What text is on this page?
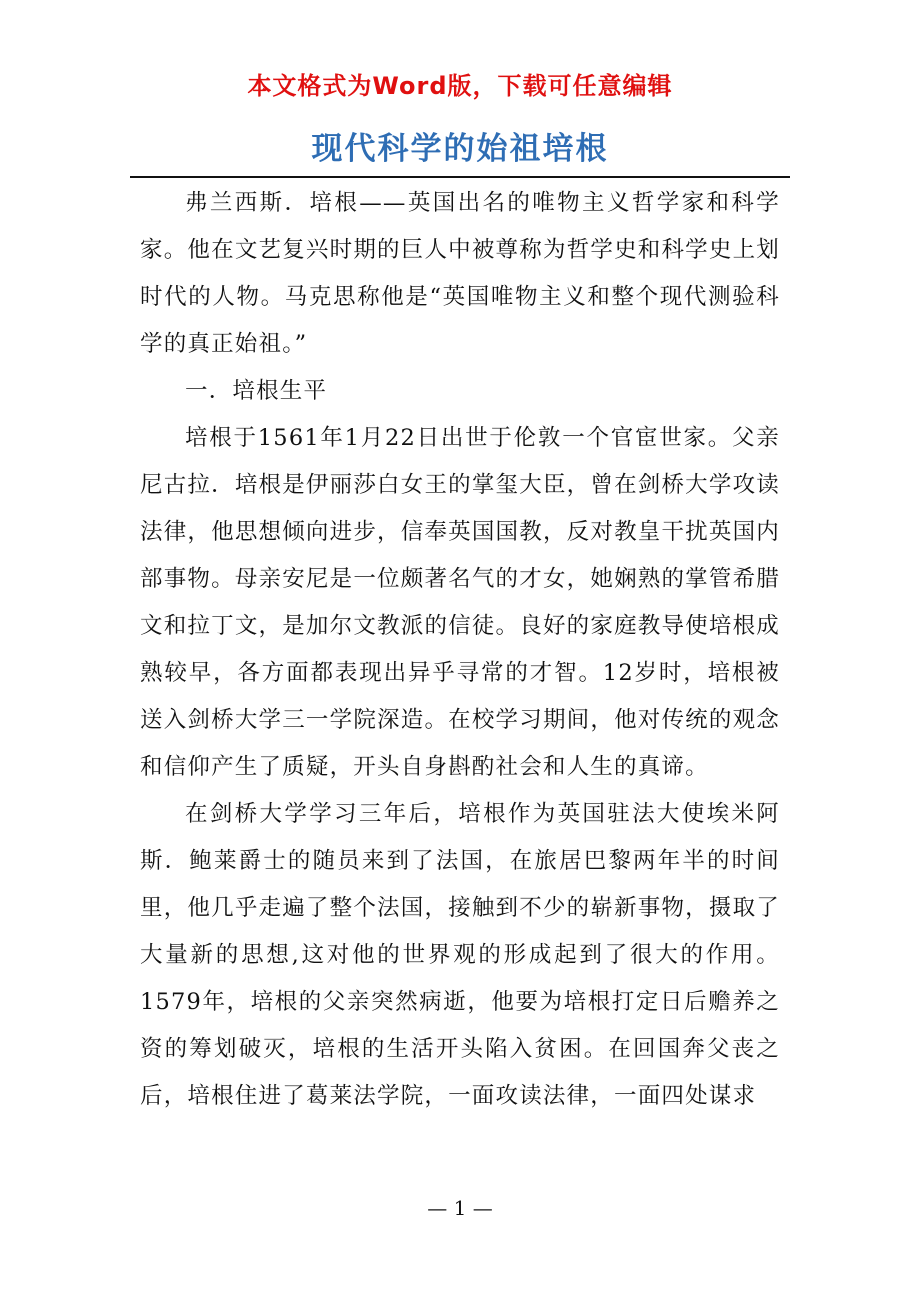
本文格式为Word版，下载可任意编辑
现代科学的始祖培根

弗兰西斯．培根——英国出名的唯物主义哲学家和科学家。他在文艺复兴时期的巨人中被尊称为哲学史和科学史上划时代的人物。马克思称他是“英国唯物主义和整个现代测验科学的真正始祖。”

一．培根生平

培根于1561年1月22日出世于伦敦一个官宦世家。父亲尼古拉．培根是伊丽莎白女王的掌玺大臣，曾在剑桥大学攻读法律，他思想倾向进步，信奉英国国教，反对教皇干扰英国内部事物。母亲安尼是一位颇著名气的才女，她娴熟的掌管希腊文和拉丁文，是加尔文教派的信徒。良好的家庭教导使培根成熟较早，各方面都表现出异乎寻常的才智。12岁时，培根被送入剑桥大学三一学院深造。在校学习期间，他对传统的观念和信仰产生了质疑，开头自身斟酌社会和人生的真谛。

在剑桥大学学习三年后，培根作为英国驻法大使埃米阿斯．鲍莱爵士的随员来到了法国，在旅居巴黎两年半的时间里，他几乎走遍了整个法国，接触到不少的崭新事物，摄取了大量新的思想,这对他的世界观的形成起到了很大的作用。1579年，培根的父亲突然病逝，他要为培根打定日后赡养之资的筹划破灭，培根的生活开头陷入贫困。在回国奔父丧之后，培根住进了葛莱法学院，一面攻读法律，一面四处谋求

— 1 —
